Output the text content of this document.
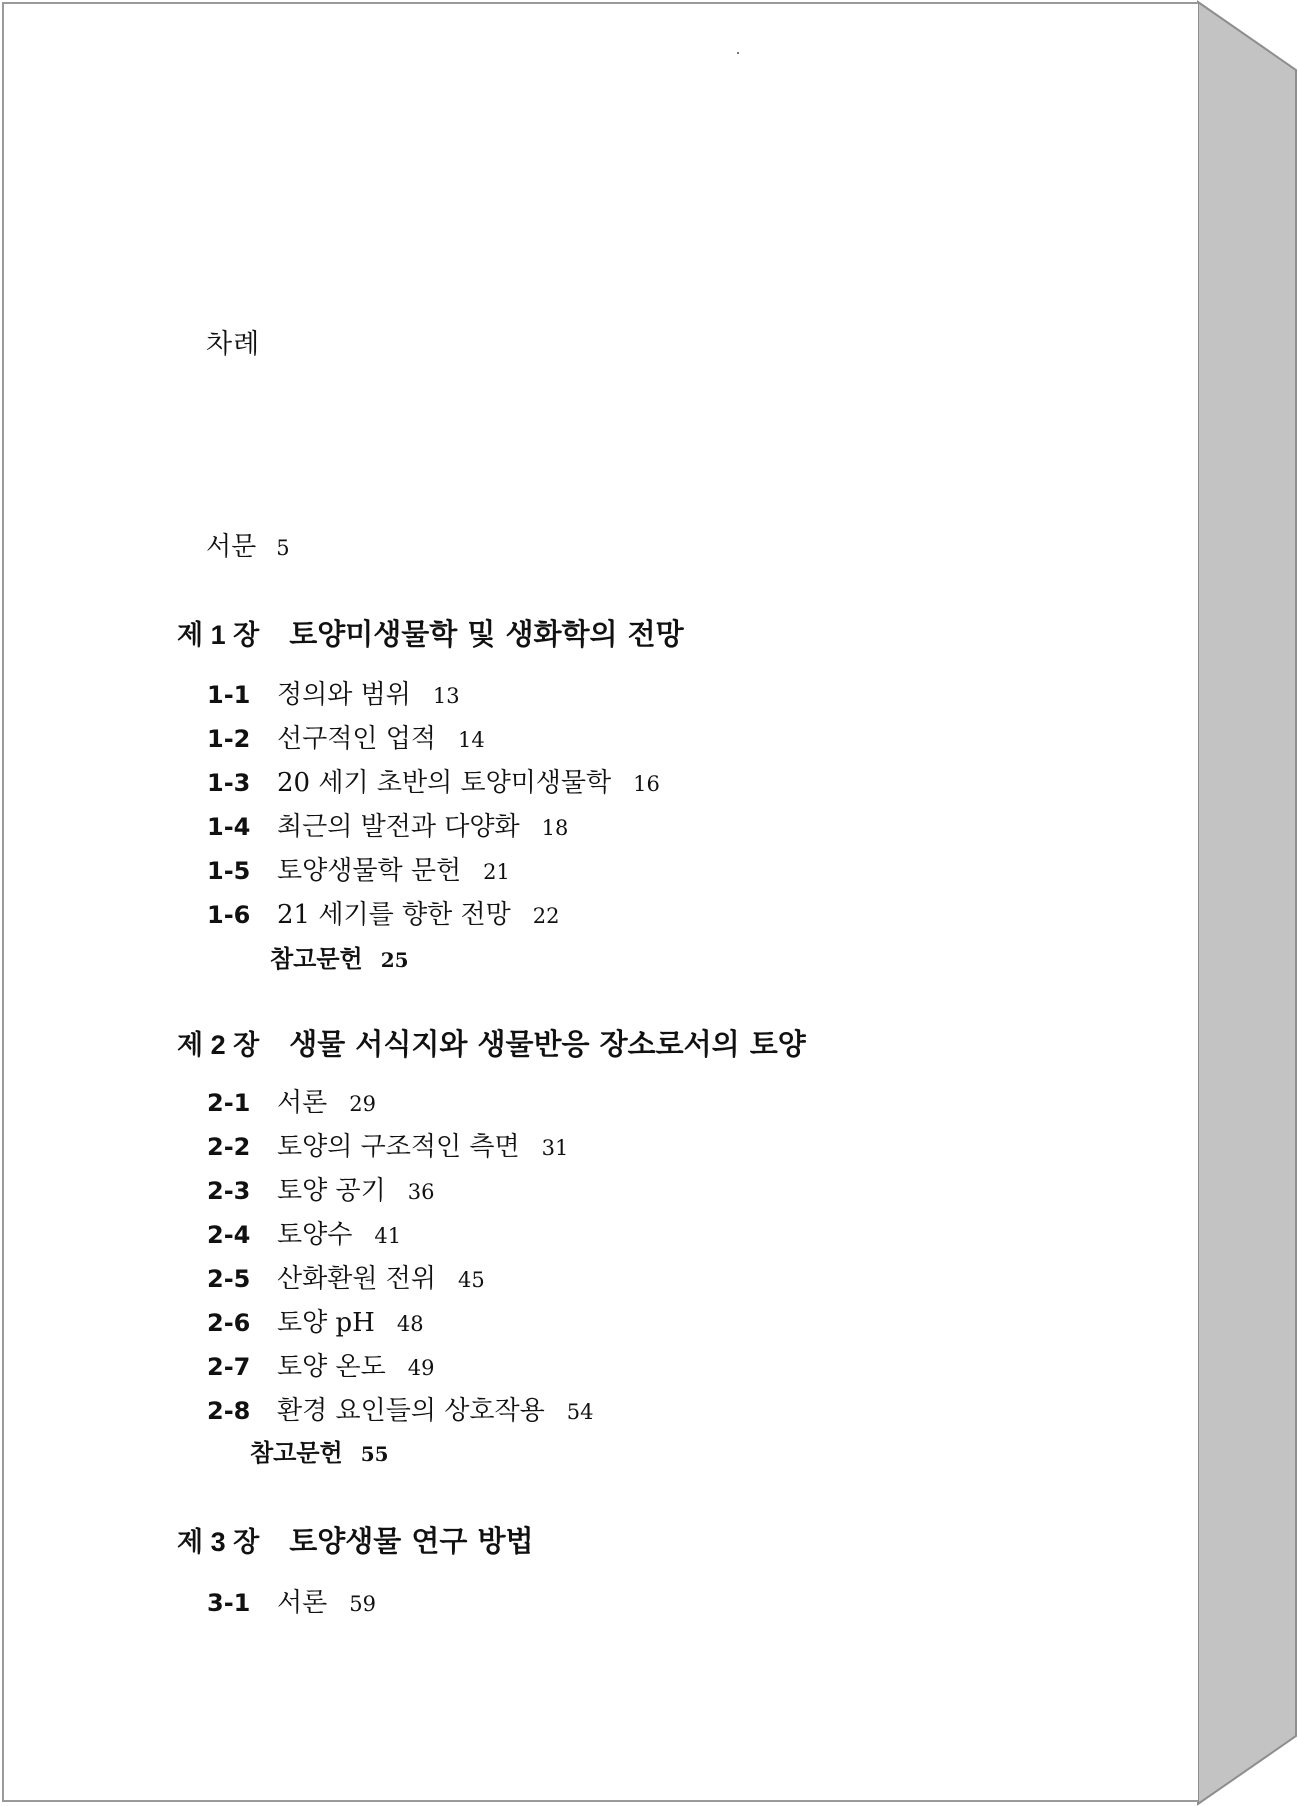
차례
서문 5
제 1 장 토양미생물학 및 생화학의 전망
1-1 정의와 범위 13
1-2 선구적인 업적 14
1-3 20 세기 초반의 토양미생물학 16
1-4 최근의 발전과 다양화 18
1-5 토양생물학 문헌 21
1-6 21 세기를 향한 전망 22
참고문헌 25
제 2 장 생물 서식지와 생물반응 장소로서의 토양
2-1 서론 29
2-2 토양의 구조적인 측면 31
2-3 토양 공기 36
2-4 토양수 41
2-5 산화환원 전위 45
2-6 토양 pH 48
2-7 토양 온도 49
2-8 환경 요인들의 상호작용 54
참고문헌 55
제 3 장 토양생물 연구 방법
3-1 서론 59
